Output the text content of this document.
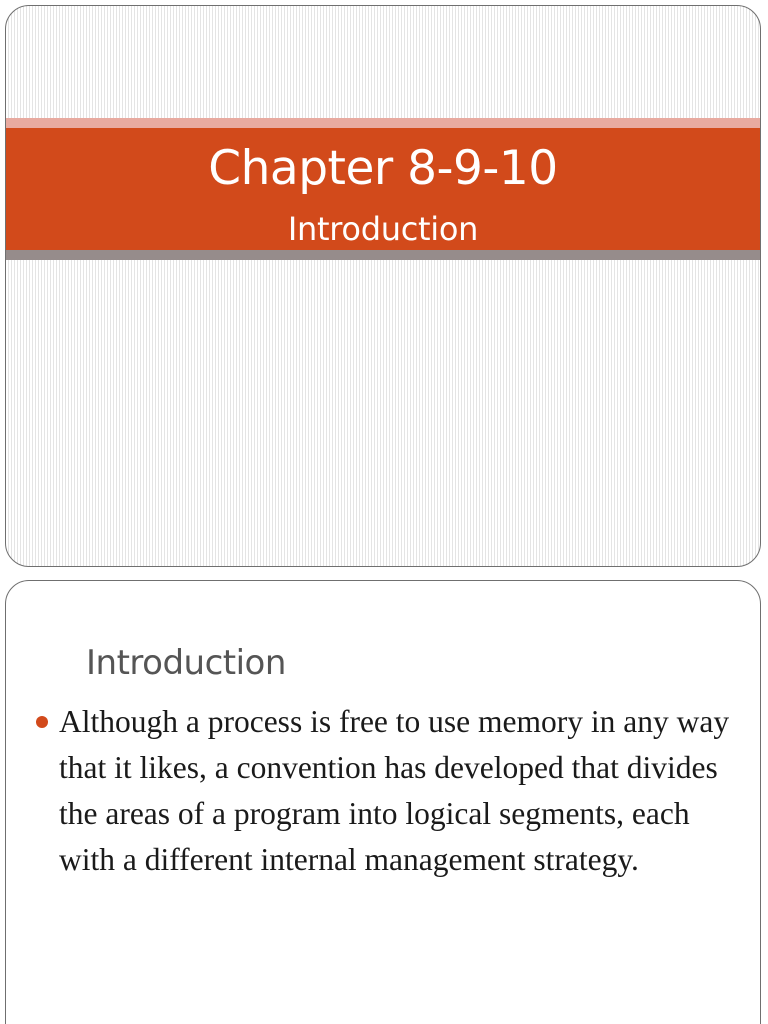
Chapter 8-9-10
Introduction
Introduction
Although a process is free to use memory in any way that it likes, a convention has developed that divides the areas of a program into logical segments, each with a different internal management strategy.
